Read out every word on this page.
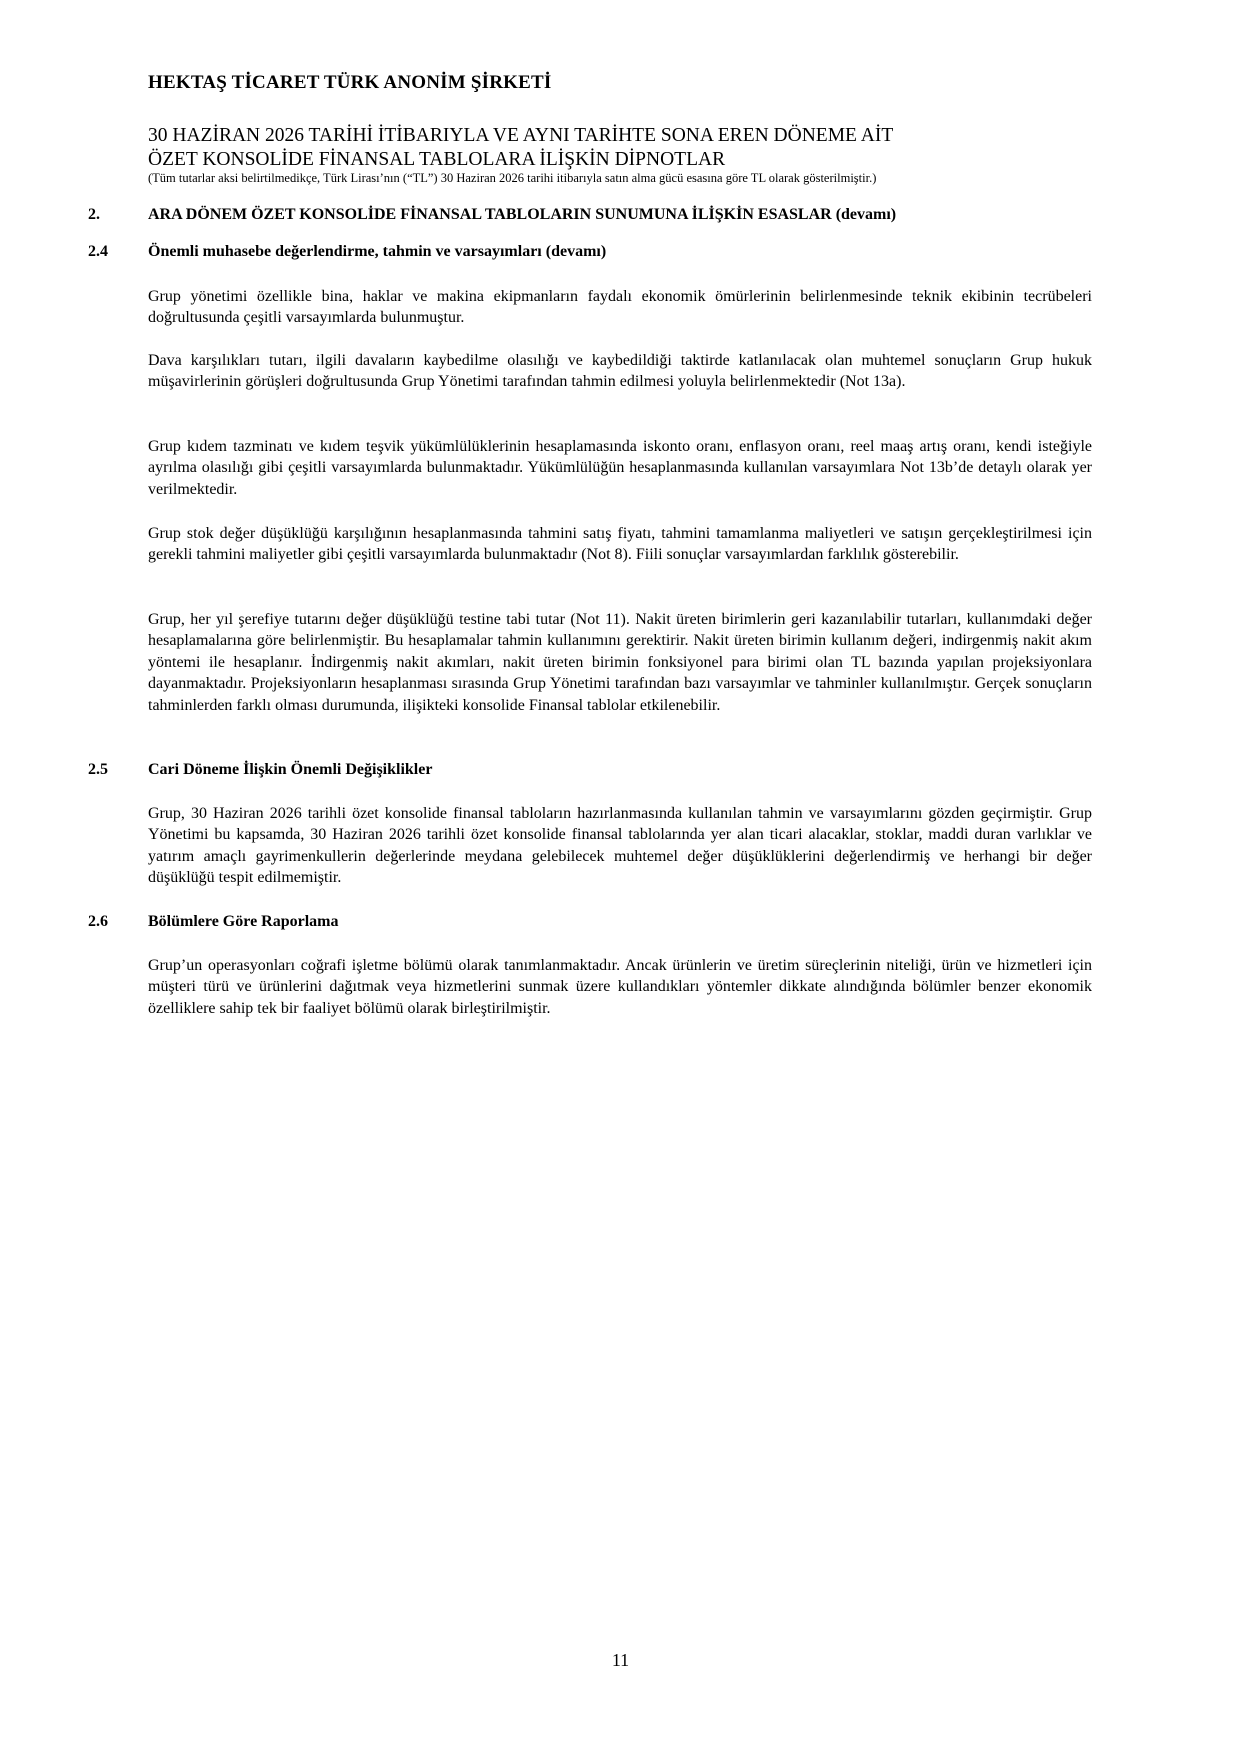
HEKTAŞ TİCARET TÜRK ANONİM ŞİRKETİ

30 HAZİRAN 2026 TARİHİ İTİBARIYLA VE AYNI TARİHTE SONA EREN DÖNEME AİT
ÖZET KONSOLİDE FİNANSAL TABLOLARA İLİŞKİN DİPNOTLAR

(Tüm tutarlar aksi belirtilmedikçe, Türk Lirası’nın (“TL”) 30 Haziran 2026 tarihi itibarıyla satın alma gücü esasına göre TL olarak gösterilmiştir.)

2.	ARA DÖNEM ÖZET KONSOLİDE FİNANSAL TABLOLARIN SUNUMUNA İLİŞKİN ESASLAR (devamı)

2.4	Önemli muhasebe değerlendirme, tahmin ve varsayımları (devamı)

Grup yönetimi özellikle bina, haklar ve makina ekipmanların faydalı ekonomik ömürlerinin belirlenmesinde teknik ekibinin tecrübeleri doğrultusunda çeşitli varsayımlarda bulunmuştur.

Dava karşılıkları tutarı, ilgili davaların kaybedilme olasılığı ve kaybedildiği taktirde katlanılacak olan muhtemel sonuçların Grup hukuk müşavirlerinin görüşleri doğrultusunda Grup Yönetimi tarafından tahmin edilmesi yoluyla belirlenmektedir (Not 13a).

Grup kıdem tazminatı ve kıdem teşvik yükümlülüklerinin hesaplamasında iskonto oranı, enflasyon oranı, reel maaş artış oranı, kendi isteğiyle ayrılma olasılığı gibi çeşitli varsayımlarda bulunmaktadır. Yükümlülüğün hesaplanmasında kullanılan varsayımlara Not 13b’de detaylı olarak yer verilmektedir.

Grup stok değer düşüklüğü karşılığının hesaplanmasında tahmini satış fiyatı, tahmini tamamlanma maliyetleri ve satışın gerçekleştirilmesi için gerekli tahmini maliyetler gibi çeşitli varsayımlarda bulunmaktadır (Not 8). Fiili sonuçlar varsayımlardan farklılık gösterebilir.

Grup, her yıl şerefiye tutarını değer düşüklüğü testine tabi tutar (Not 11). Nakit üreten birimlerin geri kazanılabilir tutarları, kullanımdaki değer hesaplamalarına göre belirlenmiştir. Bu hesaplamalar tahmin kullanımını gerektirir. Nakit üreten birimin kullanım değeri, indirgenmiş nakit akım yöntemi ile hesaplanır. İndirgenmiş nakit akımları, nakit üreten birimin fonksiyonel para birimi olan TL bazında yapılan projeksiyonlara dayanmaktadır. Projeksiyonların hesaplanması sırasında Grup Yönetimi tarafından bazı varsayımlar ve tahminler kullanılmıştır. Gerçek sonuçların tahminlerden farklı olması durumunda, ilişikteki konsolide Finansal tablolar etkilenebilir.

2.5	Cari Döneme İlişkin Önemli Değişiklikler

Grup, 30 Haziran 2026 tarihli özet konsolide finansal tabloların hazırlanmasında kullanılan tahmin ve varsayımlarını gözden geçirmiştir. Grup Yönetimi bu kapsamda, 30 Haziran 2026 tarihli özet konsolide finansal tablolarında yer alan ticari alacaklar, stoklar, maddi duran varlıklar ve yatırım amaçlı gayrimenkullerin değerlerinde meydana gelebilecek muhtemel değer düşüklüklerini değerlendirmiş ve herhangi bir değer düşüklüğü tespit edilmemiştir.

2.6	Bölümlere Göre Raporlama

Grup’un operasyonları coğrafi işletme bölümü olarak tanımlanmaktadır. Ancak ürünlerin ve üretim süreçlerinin niteliği, ürün ve hizmetleri için müşteri türü ve ürünlerini dağıtmak veya hizmetlerini sunmak üzere kullandıkları yöntemler dikkate alındığında bölümler benzer ekonomik özelliklere sahip tek bir faaliyet bölümü olarak birleştirilmiştir.

11
